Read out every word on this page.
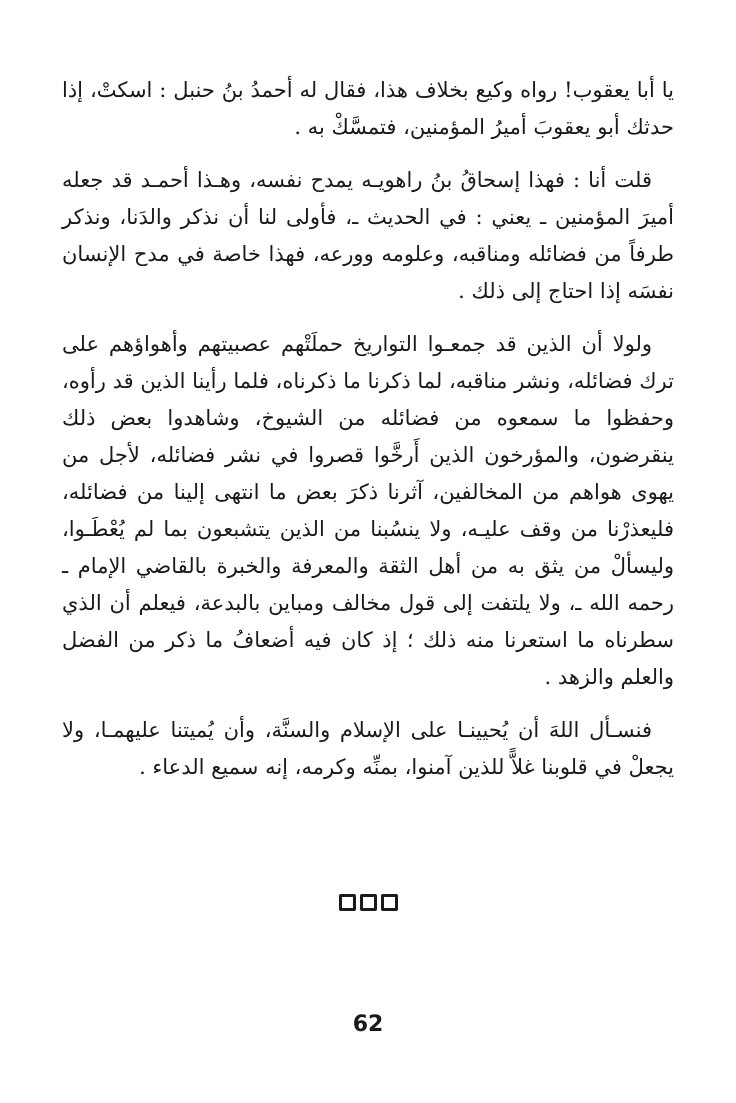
يا أبا يعقوب! رواه وكيع بخلاف هذا، فقال له أحمدُ بنُ حنبل : اسكتْ، إذا حدثك أبو يعقوبَ أميرُ المؤمنين، فتمسَّكْ به .

قلت أنا : فهذا إسحاقُ بنُ راهويـه يمدح نفسه، وهـذا أحمـد قد جعله أميرَ المؤمنين ـ يعني : في الحديث ـ، فأولى لنا أن نذكر والدَنا، ونذكر طرفاً من فضائله ومناقبه، وعلومه وورعه، فهذا خاصة في مدح الإنسان نفسَه إذا احتاج إلى ذلك .

ولولا أن الذين قد جمعـوا التواريخ حملَتْهم عصبيتهم وأهواؤهم على ترك فضائله، ونشر مناقبه، لما ذكرنا ما ذكرناه، فلما رأينا الذين قد رأوه، وحفظوا ما سمعوه من فضائله من الشيوخ، وشاهدوا بعض ذلك ينقرضون، والمؤرخون الذين أَرخَّوا قصروا في نشر فضائله، لأجل من يهوى هواهم من المخالفين، آثرنا ذكرَ بعض ما انتهى إلينا من فضائله، فليعذرْنا من وقف عليـه، ولا ينسُبنا من الذين يتشبعون بما لم يُعْطَـوا، وليسألْ من يثق به من أهل الثقة والمعرفة والخبرة بالقاضي الإمام ـ رحمه الله ـ، ولا يلتفت إلى قول مخالف ومباين بالبدعة، فيعلم أن الذي سطرناه ما استعرنا منه ذلك ؛ إذ كان فيه أضعافُ ما ذكر من الفضل والعلم والزهد .

فنسـأل اللهَ أن يُحيينـا على الإسلام والسنَّة، وأن يُميتنا عليهمـا، ولا يجعلْ في قلوبنا غلاًّ للذين آمنوا، بمنِّه وكرمه، إنه سميع الدعاء .

62
